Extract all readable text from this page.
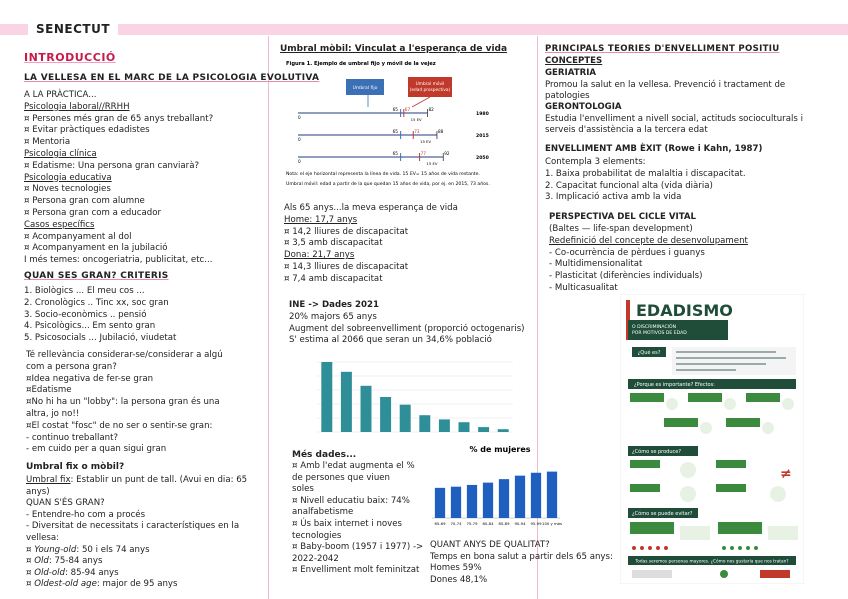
SENECTUT

INTRODUCCIÓ

LA VELLESA EN EL MARC DE LA PSICOLOGIA EVOLUTIVA

A LA PRÀCTICA...

Psicologia laboral//RRHH

¤ Persones més gran de 65 anys treballant?

¤ Evitar pràctiques edadistes

¤ Mentoria

Psicologia clínica

¤ Edatisme: Una persona gran canviarà?

Psicologia educativa

¤ Noves tecnologies

¤ Persona gran com alumne

¤ Persona gran com a educador

Casos específics

¤ Acompanyament al dol

¤ Acompanyament en la jubilació

I més temes: oncogeriatria, publicitat, etc...

QUAN SES GRAN? CRITERIS

1. Biològics ... El meu cos ...

2. Cronològics .. Tinc xx, soc gran

3. Socio-econòmics .. pensió

4. Psicològics... Em sento gran

5. Psicosocials ... Jubilació, viudetat

Té rellevància considerar-se/considerar a algú

com a persona gran?

¤Idea negativa de fer-se gran

¤Edatisme

¤No hi ha un "lobby": la persona gran és una

altra, jo no!!

¤El costat "fosc" de no ser o sentir-se gran:

- continuo treballant?

- em cuido per a quan sigui gran

Umbral fix o mòbil?

Umbral fix: Establir un punt de tall. (Avui en dia: 65

anys)

QUAN S'ÉS GRAN?

- Entendre-ho com a procés

- Diversitat de necessitats i característiques en la

vellesa:

¤ Young-old: 50 i els 74 anys

¤ Old: 75-84 anys

¤ Old-old: 85-94 anys

¤ Oldest-old age: major de 95 anys

Umbral mòbil: Vinculat a l'esperança de vida

Figura 1. Ejemplo de umbral fijo y móvil de la vejez
Umbral fijo
Umbral móvil (edad prospectiva)
0
65 67	82
15 EV
1980
0
65	73	88
15 EV
2015
0
65	77	92
15 EV
2050
Nota: el eje horizontal representa la línea de vida. 15 EV= 15 años de vida restante.
Umbral móvil: edad a partir de la que quedan 15 años de vida, por ej. en 2015, 73 años.

Als 65 anys...la meva esperança de vida

Home: 17,7 anys

¤ 14,2 lliures de discapacitat

¤ 3,5 amb discapacitat

Dona: 21,7 anys

¤ 14,3 lliures de discapacitat

¤ 7,4 amb discapacitat

INE -> Dades 2021

20% majors 65 anys

Augment del sobreenvelliment (proporció octogenaris)

S' estima al 2066 que seran un 34,6% població

Més dades...

¤ Amb l'edat augmenta el %

de persones que viuen

soles

¤ Nivell educatiu baix: 74%

analfabetisme

¤ Ús baix internet i noves

tecnologies

¤ Baby-boom (1957 i 1977) ->

2022-2042

¤ Envelliment molt feminitzat

% de mujeres
65-69 70-74 75-79 80-84 85-89 90-94 95-99 100 y más

QUANT ANYS DE QUALITAT?

Temps en bona salut a partir dels 65 anys:

Homes 59%

Dones 48,1%

PRINCIPALS TEORIES D'ENVELLIMENT POSITIU

CONCEPTES

GERIATRIA

Promou la salut en la vellesa. Prevenció i tractament de

patologies

GERONTOLOGIA

Estudia l'envelliment a nivell social, actituds socioculturals i

serveis d'assistència a la tercera edat

ENVELLIMENT AMB ÈXIT (Rowe i Kahn, 1987)

Contempla 3 elements:

1. Baixa probabilitat de malaltia i discapacitat.

2. Capacitat funcional alta (vida diària)

3. Implicació activa amb la vida

PERSPECTIVA DEL CICLE VITAL

(Baltes — life-span development)

Redefinició del concepte de desenvolupament

- Co-ocurrència de pèrdues i guanys

- Multidimensionalitat

- Plasticitat (diferències individuals)

- Multicasualitat

EDADISMO
O DISCRIMINACIÓN POR MOTIVOS DE EDAD
¿Qué es?
¿Porque es importante? Efectos:
¿Cómo se produce?
≠
¿Cómo se puede evitar?
Todas seremos personas mayores. ¿Cómo nos gustaría que nos tratan?
